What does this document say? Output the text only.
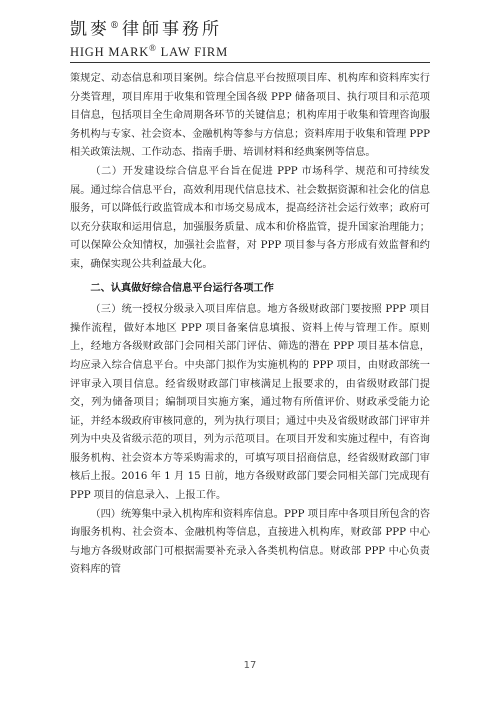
凱麥®律師事務所
HIGH MARK® LAW FIRM

策规定、动态信息和项目案例。综合信息平台按照项目库、机构库和资料库实行分类管理，项目库用于收集和管理全国各级 PPP 储备项目、执行项目和示范项目信息，包括项目全生命周期各环节的关键信息；机构库用于收集和管理咨询服务机构与专家、社会资本、金融机构等参与方信息；资料库用于收集和管理 PPP 相关政策法规、工作动态、指南手册、培训材料和经典案例等信息。

（二）开发建设综合信息平台旨在促进 PPP 市场科学、规范和可持续发展。通过综合信息平台，高效利用现代信息技术、社会数据资源和社会化的信息服务，可以降低行政监管成本和市场交易成本，提高经济社会运行效率；政府可以充分获取和运用信息，加强服务质量、成本和价格监管，提升国家治理能力；可以保障公众知情权，加强社会监督，对 PPP 项目参与各方形成有效监督和约束，确保实现公共利益最大化。

二、认真做好综合信息平台运行各项工作

（三）统一授权分级录入项目库信息。地方各级财政部门要按照 PPP 项目操作流程，做好本地区 PPP 项目备案信息填报、资料上传与管理工作。原则上，经地方各级财政部门会同相关部门评估、筛选的潜在 PPP 项目基本信息，均应录入综合信息平台。中央部门拟作为实施机构的 PPP 项目，由财政部统一评审录入项目信息。经省级财政部门审核满足上报要求的，由省级财政部门提交，列为储备项目；编制项目实施方案，通过物有所值评价、财政承受能力论证，并经本级政府审核同意的，列为执行项目；通过中央及省级财政部门评审并列为中央及省级示范的项目，列为示范项目。在项目开发和实施过程中，有咨询服务机构、社会资本方等采购需求的，可填写项目招商信息，经省级财政部门审核后上报。2016 年 1 月 15 日前，地方各级财政部门要会同相关部门完成现有 PPP 项目的信息录入、上报工作。

（四）统筹集中录入机构库和资料库信息。PPP 项目库中各项目所包含的咨询服务机构、社会资本、金融机构等信息，直接进入机构库，财政部 PPP 中心与地方各级财政部门可根据需要补充录入各类机构信息。财政部 PPP 中心负责资料库的管

17
